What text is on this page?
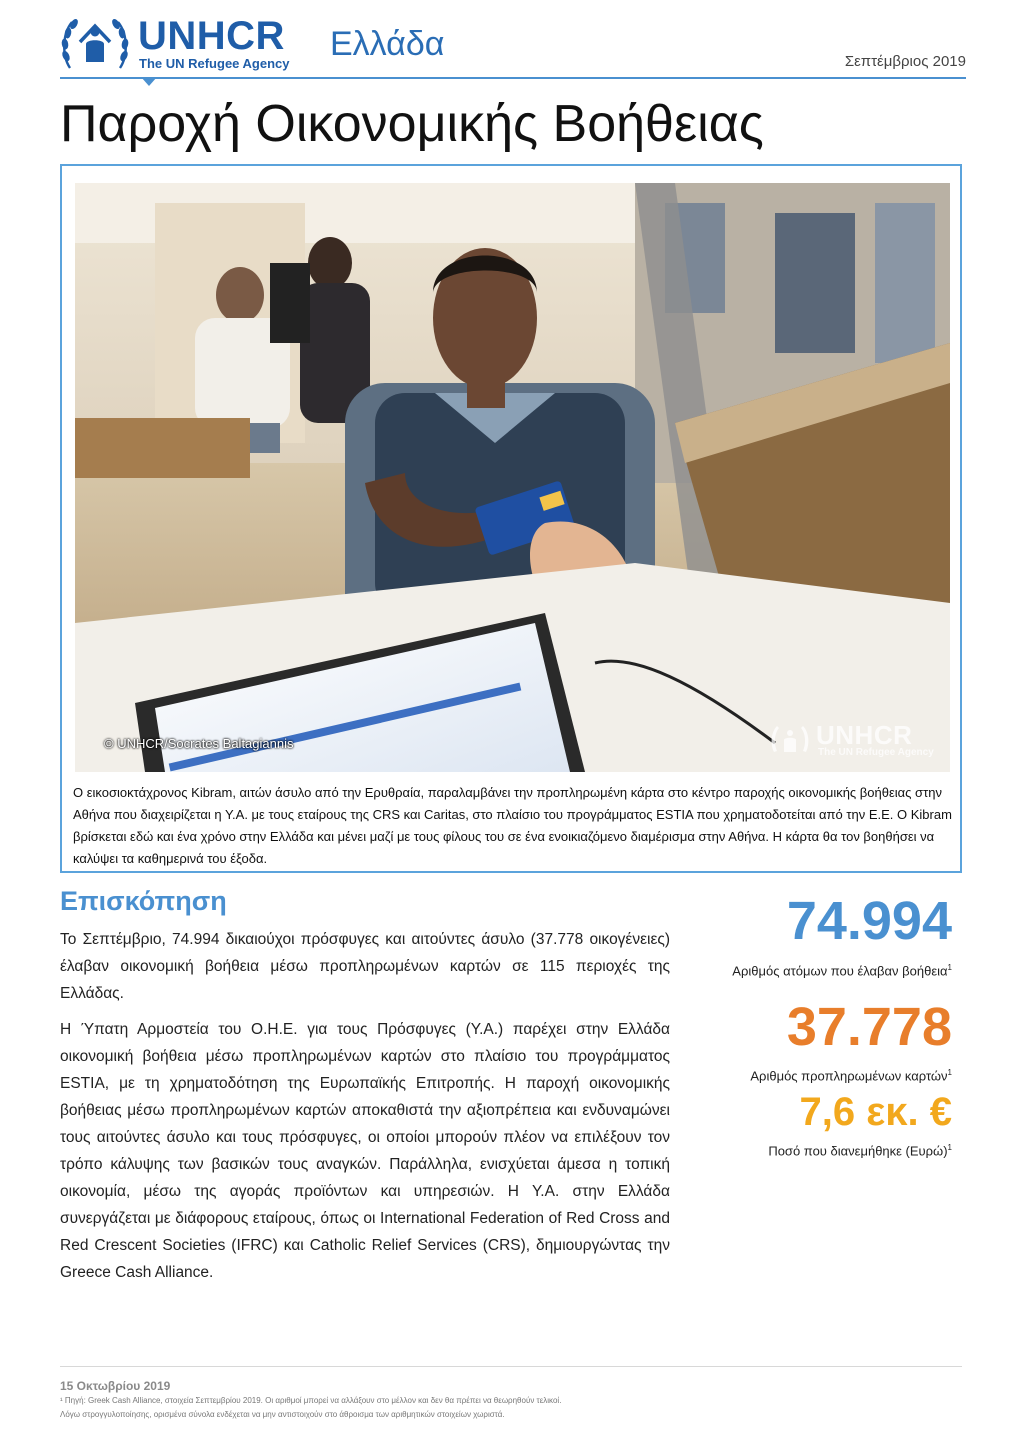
UNHCR
The UN Refugee Agency
Ελλάδα	Σεπτέμβριος 2019
Παροχή Οικονομικής Βοήθειας
© UNHCR/Socrates Baltagiannis	UNHCR
The UN Refugee Agency
Ο εικοσιοκτάχρονος Kibram, αιτών άσυλο από την Ερυθραία, παραλαμβάνει την προπληρωμένη κάρτα στο κέντρο παροχής οικονομικής βοήθειας στην Αθήνα που διαχειρίζεται η Υ.Α. με τους εταίρους της CRS και Caritas, στο πλαίσιο του προγράμματος ESTIA που χρηματοδοτείται από την Ε.Ε. Ο Kibram βρίσκεται εδώ και ένα χρόνο στην Ελλάδα και μένει μαζί με τους φίλους του σε ένα ενοικιαζόμενο διαμέρισμα στην Αθήνα. Η κάρτα θα τον βοηθήσει να καλύψει τα καθημερινά του έξοδα.
Επισκόπηση
Το Σεπτέμβριο, 74.994 δικαιούχοι πρόσφυγες και αιτούντες άσυλο (37.778 οικογένειες) έλαβαν οικονομική βοήθεια μέσω προπληρωμένων καρτών σε 115 περιοχές της Ελλάδας.
Η Ύπατη Αρμοστεία του Ο.Η.Ε. για τους Πρόσφυγες (Υ.Α.) παρέχει στην Ελλάδα οικονομική βοήθεια μέσω προπληρωμένων καρτών στο πλαίσιο του προγράμματος ESTIA, με τη χρηματοδότηση της Ευρωπαϊκής Επιτροπής. Η παροχή οικονομικής βοήθειας μέσω προπληρωμένων καρτών αποκαθιστά την αξιοπρέπεια και ενδυναμώνει τους αιτούντες άσυλο και τους πρόσφυγες, οι οποίοι μπορούν πλέον να επιλέξουν τον τρόπο κάλυψης των βασικών τους αναγκών. Παράλληλα, ενισχύεται άμεσα η τοπική οικονομία, μέσω της αγοράς προϊόντων και υπηρεσιών. Η Υ.Α. στην Ελλάδα συνεργάζεται με διάφορους εταίρους, όπως οι International Federation of Red Cross and Red Crescent Societies (IFRC) και Catholic Relief Services (CRS), δημιουργώντας την Greece Cash Alliance.
74.994
Αριθμός ατόμων που έλαβαν βοήθεια$^1$
37.778
Αριθμός προπληρωμένων καρτών$^1$
7,6 εκ. €
Ποσό που διανεμήθηκε $(E\upsilon\rho ώ)^1$
15 Οκτωβρίου 2019
¹ Πηγή: Greek Cash Alliance, στοιχεία Σεπτεμβρίου 2019. Οι αριθμοί μπορεί να αλλάξουν στο μέλλον και δεν θα πρέπει να θεωρηθούν τελικοί.
Λόγω στρογγυλοποίησης, ορισμένα σύνολα ενδέχεται να μην αντιστοιχούν στο άθροισμα των αριθμητικών στοιχείων χωριστά.
